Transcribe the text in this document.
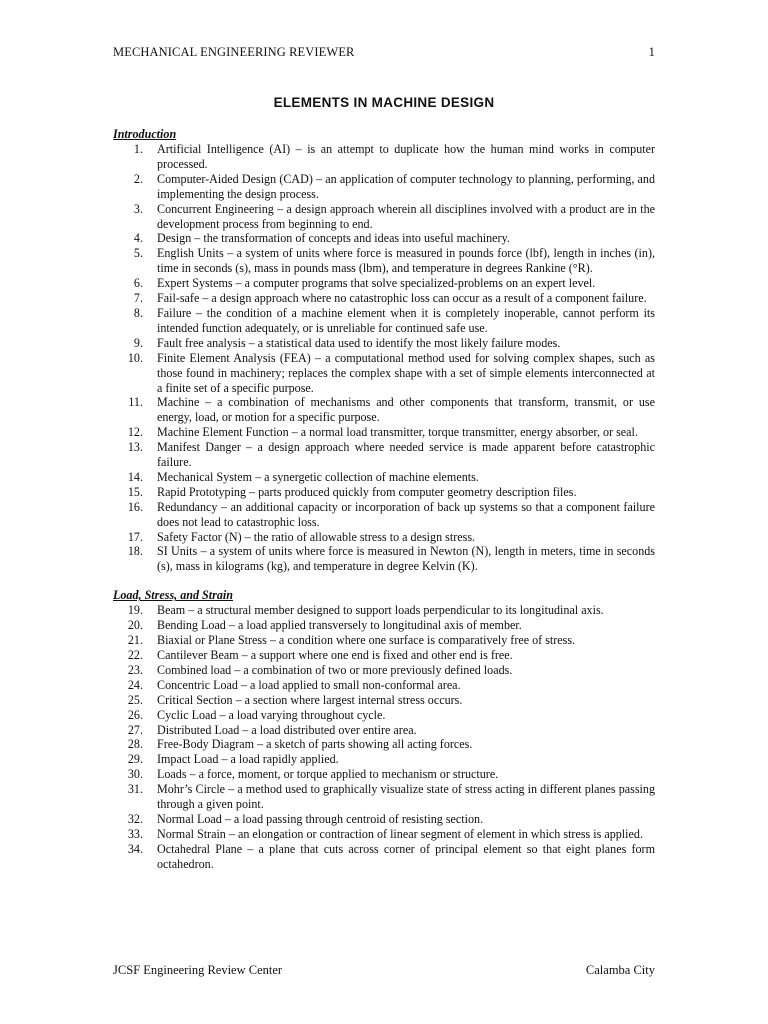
MECHANICAL ENGINEERING REVIEWER	1
ELEMENTS IN MACHINE DESIGN
Introduction
1.	Artificial Intelligence (AI) – is an attempt to duplicate how the human mind works in computer processed.
2.	Computer-Aided Design (CAD) – an application of computer technology to planning, performing, and implementing the design process.
3.	Concurrent Engineering – a design approach wherein all disciplines involved with a product are in the development process from beginning to end.
4.	Design – the transformation of concepts and ideas into useful machinery.
5.	English Units – a system of units where force is measured in pounds force (lbf), length in inches (in), time in seconds (s), mass in pounds mass (lbm), and temperature in degrees Rankine (°R).
6.	Expert Systems – a computer programs that solve specialized-problems on an expert level.
7.	Fail-safe – a design approach where no catastrophic loss can occur as a result of a component failure.
8.	Failure – the condition of a machine element when it is completely inoperable, cannot perform its intended function adequately, or is unreliable for continued safe use.
9.	Fault free analysis – a statistical data used to identify the most likely failure modes.
10.	Finite Element Analysis (FEA) – a computational method used for solving complex shapes, such as those found in machinery; replaces the complex shape with a set of simple elements interconnected at a finite set of a specific purpose.
11.	Machine – a combination of mechanisms and other components that transform, transmit, or use energy, load, or motion for a specific purpose.
12.	Machine Element Function – a normal load transmitter, torque transmitter, energy absorber, or seal.
13.	Manifest Danger – a design approach where needed service is made apparent before catastrophic failure.
14.	Mechanical System – a synergetic collection of machine elements.
15.	Rapid Prototyping – parts produced quickly from computer geometry description files.
16.	Redundancy – an additional capacity or incorporation of back up systems so that a component failure does not lead to catastrophic loss.
17.	Safety Factor (N) – the ratio of allowable stress to a design stress.
18.	SI Units – a system of units where force is measured in Newton (N), length in meters, time in seconds (s), mass in kilograms (kg), and temperature in degree Kelvin (K).
Load, Stress, and Strain
19.	Beam – a structural member designed to support loads perpendicular to its longitudinal axis.
20.	Bending Load – a load applied transversely to longitudinal axis of member.
21.	Biaxial or Plane Stress – a condition where one surface is comparatively free of stress.
22.	Cantilever Beam – a support where one end is fixed and other end is free.
23.	Combined load – a combination of two or more previously defined loads.
24.	Concentric Load – a load applied to small non-conformal area.
25.	Critical Section – a section where largest internal stress occurs.
26.	Cyclic Load – a load varying throughout cycle.
27.	Distributed Load – a load distributed over entire area.
28.	Free-Body Diagram – a sketch of parts showing all acting forces.
29.	Impact Load – a load rapidly applied.
30.	Loads – a force, moment, or torque applied to mechanism or structure.
31.	Mohr’s Circle – a method used to graphically visualize state of stress acting in different planes passing through a given point.
32.	Normal Load – a load passing through centroid of resisting section.
33.	Normal Strain – an elongation or contraction of linear segment of element in which stress is applied.
34.	Octahedral Plane – a plane that cuts across corner of principal element so that eight planes form octahedron.
JCSF Engineering Review Center	Calamba City
